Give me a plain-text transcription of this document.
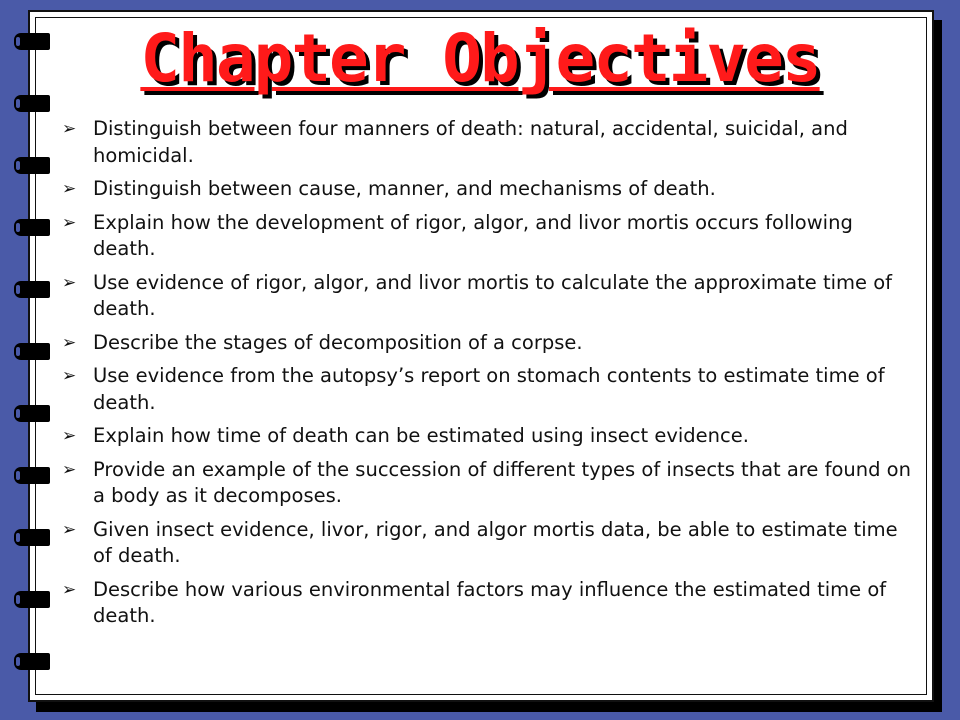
Chapter Objectives
➢ Distinguish between four manners of death: natural, accidental, suicidal, and homicidal.
➢ Distinguish between cause, manner, and mechanisms of death.
➢ Explain how the development of rigor, algor, and livor mortis occurs following death.
➢ Use evidence of rigor, algor, and livor mortis to calculate the approximate time of death.
➢ Describe the stages of decomposition of a corpse.
➢ Use evidence from the autopsy’s report on stomach contents to estimate time of death.
➢ Explain how time of death can be estimated using insect evidence.
➢ Provide an example of the succession of different types of insects that are found on a body as it decomposes.
➢ Given insect evidence, livor, rigor, and algor mortis data, be able to estimate time of death.
➢ Describe how various environmental factors may influence the estimated time of death.
